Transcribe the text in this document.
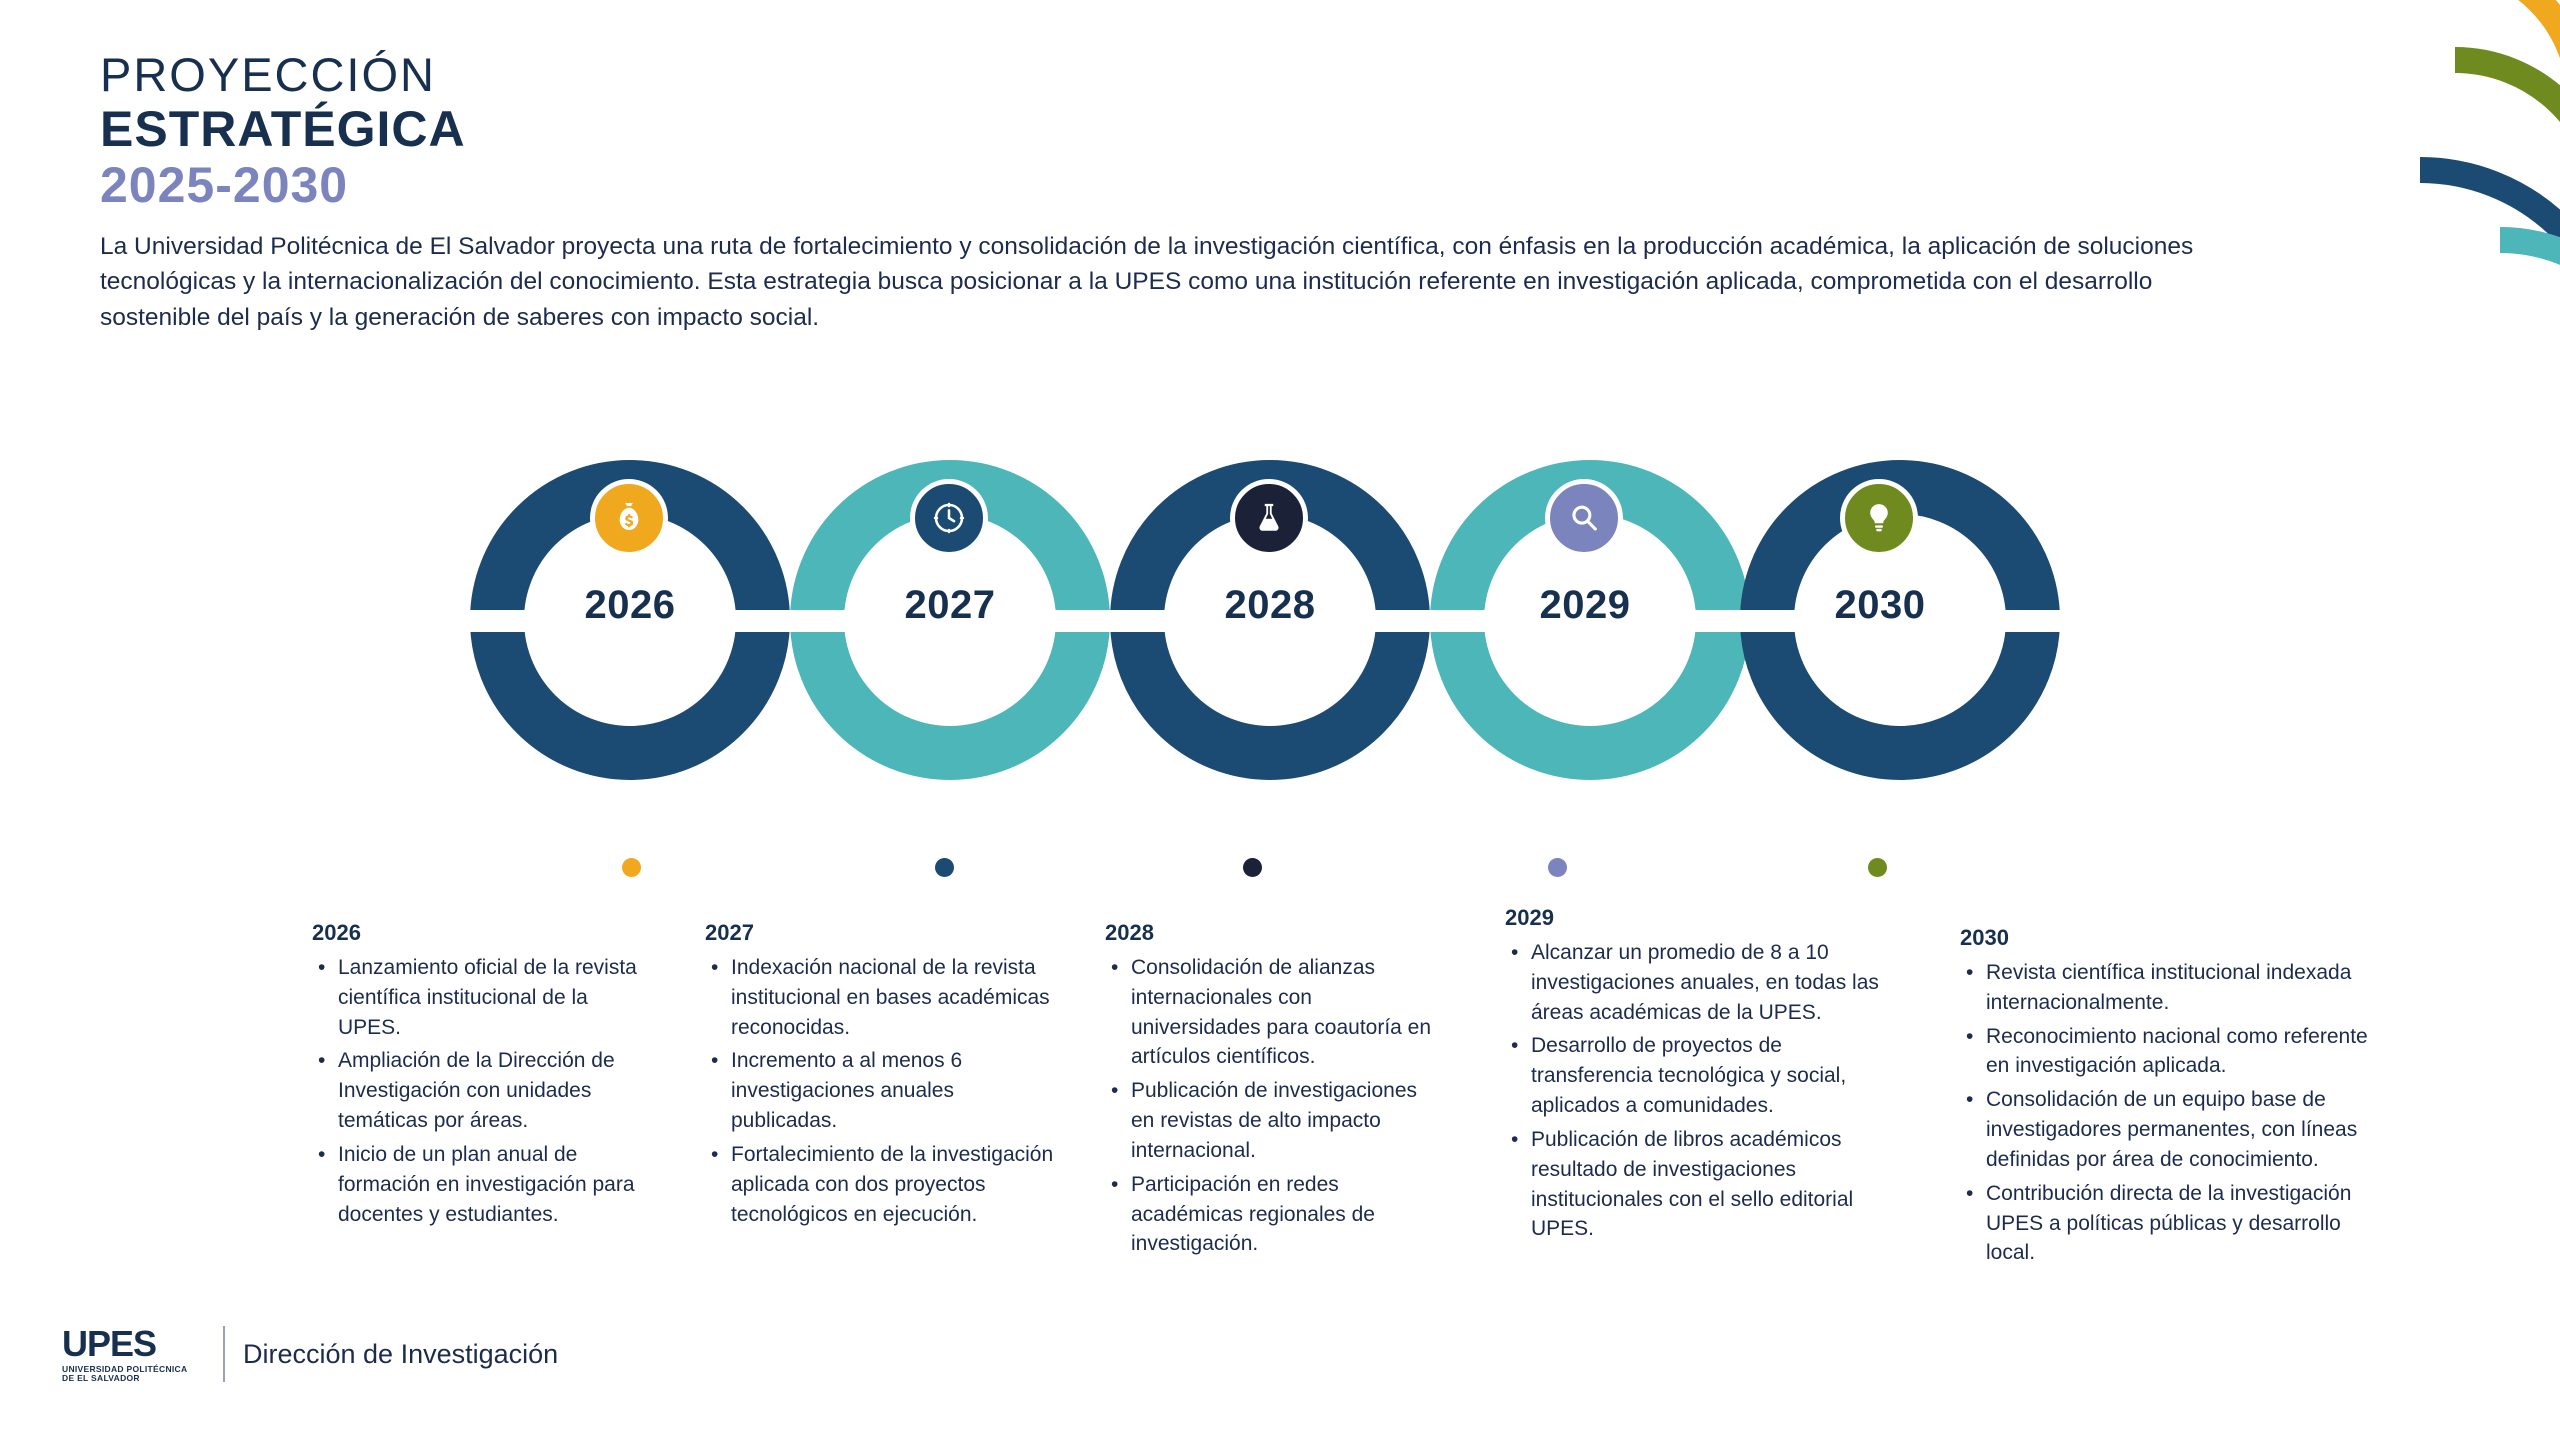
PROYECCIÓN
ESTRATÉGICA
2025-2030
La Universidad Politécnica de El Salvador proyecta una ruta de fortalecimiento y consolidación de la investigación científica, con énfasis en la producción académica, la aplicación de soluciones tecnológicas y la internacionalización del conocimiento. Esta estrategia busca posicionar a la UPES como una institución referente en investigación aplicada, comprometida con el desarrollo sostenible del país y la generación de saberes con impacto social.
2026	2027	2028	2029	2030
2026
• Lanzamiento oficial de la revista científica institucional de la UPES.
• Ampliación de la Dirección de Investigación con unidades temáticas por áreas.
• Inicio de un plan anual de formación en investigación para docentes y estudiantes.
2027
• Indexación nacional de la revista institucional en bases académicas reconocidas.
• Incremento a al menos 6 investigaciones anuales publicadas.
• Fortalecimiento de la investigación aplicada con dos proyectos tecnológicos en ejecución.
2028
• Consolidación de alianzas internacionales con universidades para coautoría en artículos científicos.
• Publicación de investigaciones en revistas de alto impacto internacional.
• Participación en redes académicas regionales de investigación.
2029
• Alcanzar un promedio de 8 a 10 investigaciones anuales, en todas las áreas académicas de la UPES.
• Desarrollo de proyectos de transferencia tecnológica y social, aplicados a comunidades.
• Publicación de libros académicos resultado de investigaciones institucionales con el sello editorial UPES.
2030
• Revista científica institucional indexada internacionalmente.
• Reconocimiento nacional como referente en investigación aplicada.
• Consolidación de un equipo base de investigadores permanentes, con líneas definidas por área de conocimiento.
• Contribución directa de la investigación UPES a políticas públicas y desarrollo local.
UPES
UNIVERSIDAD POLITÉCNICA
DE EL SALVADOR
Dirección de Investigación
